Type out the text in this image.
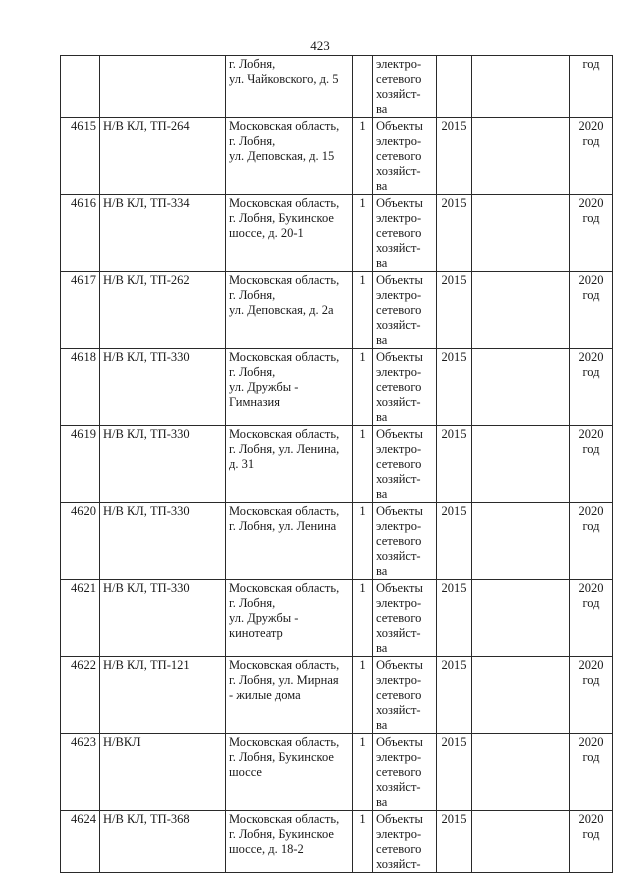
423

		г. Лобня,
ул. Чайковского, д. 5		электро-
сетевого
хозяйст-
ва			год

4615	Н/В КЛ, ТП-264	Московская область,
г. Лобня,
ул. Деповская, д. 15	1	Объекты
электро-
сетевого
хозяйст-
ва	2015		2020
год

4616	Н/В КЛ, ТП-334	Московская область,
г. Лобня, Букинское
шоссе, д. 20-1	1	Объекты
электро-
сетевого
хозяйст-
ва	2015		2020
год

4617	Н/В КЛ, ТП-262	Московская область,
г. Лобня,
ул. Деповская, д. 2а	1	Объекты
электро-
сетевого
хозяйст-
ва	2015		2020
год

4618	Н/В КЛ, ТП-330	Московская область,
г. Лобня,
ул. Дружбы -
Гимназия	1	Объекты
электро-
сетевого
хозяйст-
ва	2015		2020
год

4619	Н/В КЛ, ТП-330	Московская область,
г. Лобня, ул. Ленина,
д. 31	1	Объекты
электро-
сетевого
хозяйст-
ва	2015		2020
год

4620	Н/В КЛ, ТП-330	Московская область,
г. Лобня, ул. Ленина	1	Объекты
электро-
сетевого
хозяйст-
ва	2015		2020
год

4621	Н/В КЛ, ТП-330	Московская область,
г. Лобня,
ул. Дружбы -
кинотеатр	1	Объекты
электро-
сетевого
хозяйст-
ва	2015		2020
год

4622	Н/В КЛ, ТП-121	Московская область,
г. Лобня, ул. Мирная
- жилые дома	1	Объекты
электро-
сетевого
хозяйст-
ва	2015		2020
год

4623	Н/ВКЛ	Московская область,
г. Лобня, Букинское
шоссе	1	Объекты
электро-
сетевого
хозяйст-
ва	2015		2020
год

4624	Н/В КЛ, ТП-368	Московская область,
г. Лобня, Букинское
шоссе, д. 18-2	1	Объекты
электро-
сетевого
хозяйст-	2015		2020
год
